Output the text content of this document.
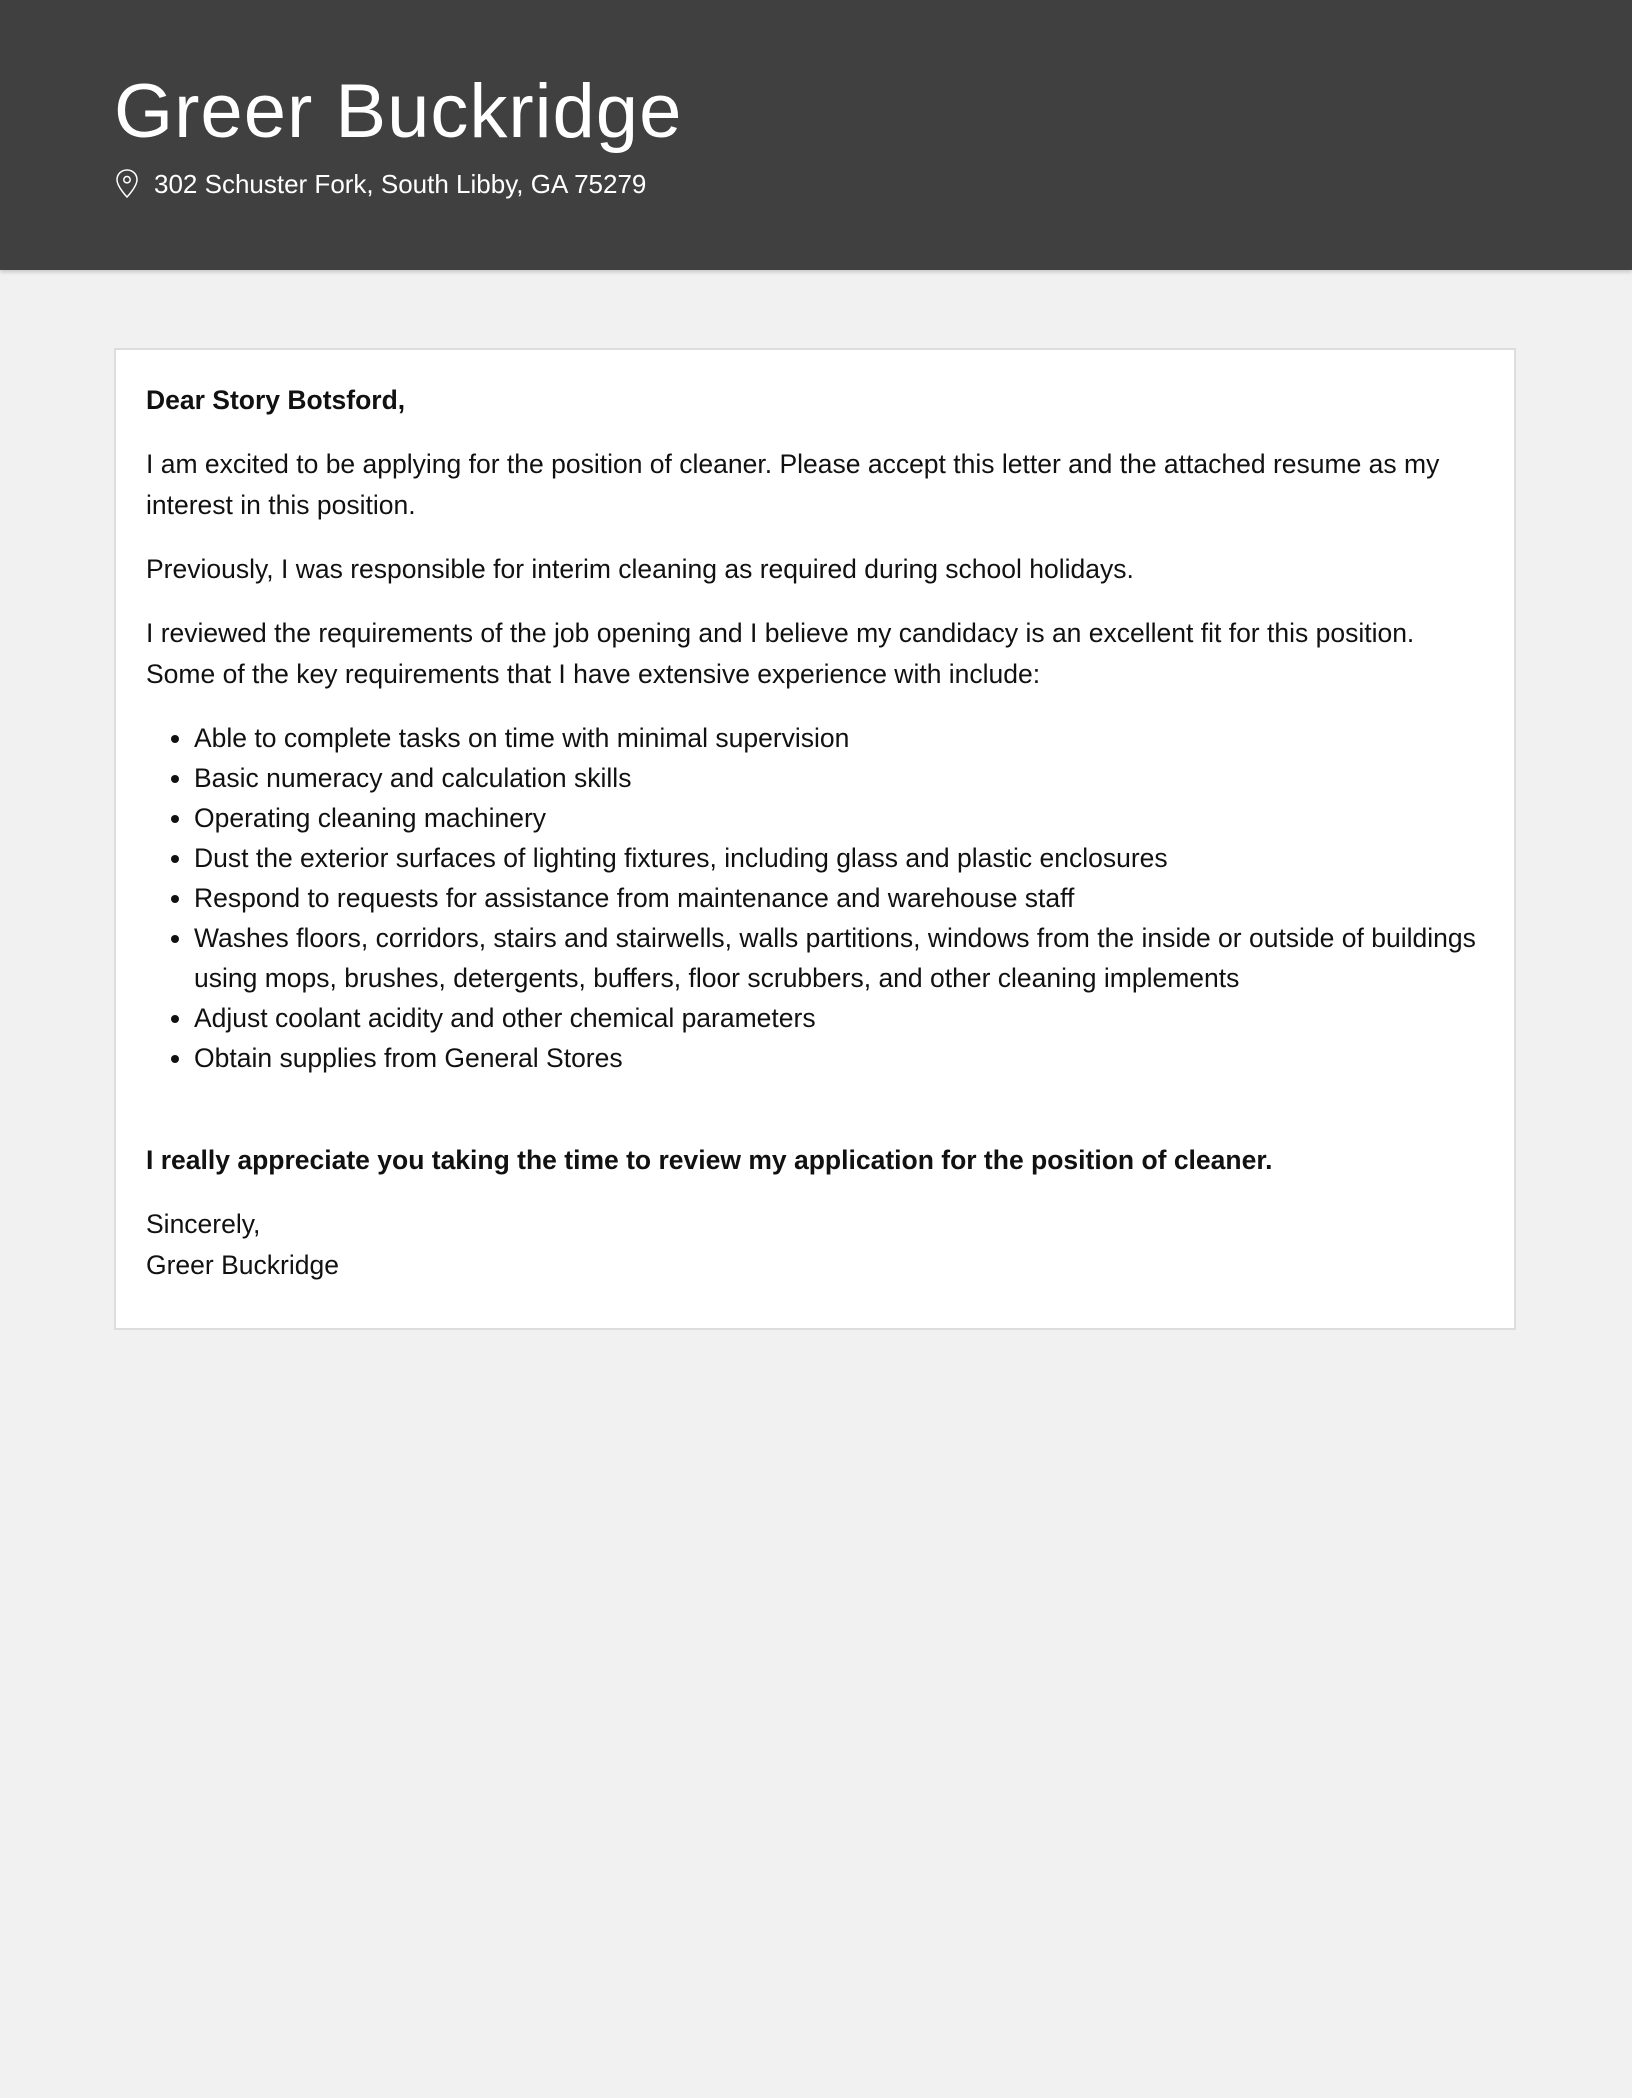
Greer Buckridge
302 Schuster Fork, South Libby, GA 75279

Dear Story Botsford,

I am excited to be applying for the position of cleaner. Please accept this letter and the attached resume as my interest in this position.

Previously, I was responsible for interim cleaning as required during school holidays.

I reviewed the requirements of the job opening and I believe my candidacy is an excellent fit for this position. Some of the key requirements that I have extensive experience with include:

• Able to complete tasks on time with minimal supervision
• Basic numeracy and calculation skills
• Operating cleaning machinery
• Dust the exterior surfaces of lighting fixtures, including glass and plastic enclosures
• Respond to requests for assistance from maintenance and warehouse staff
• Washes floors, corridors, stairs and stairwells, walls partitions, windows from the inside or outside of buildings using mops, brushes, detergents, buffers, floor scrubbers, and other cleaning implements
• Adjust coolant acidity and other chemical parameters
• Obtain supplies from General Stores

I really appreciate you taking the time to review my application for the position of cleaner.

Sincerely,
Greer Buckridge
